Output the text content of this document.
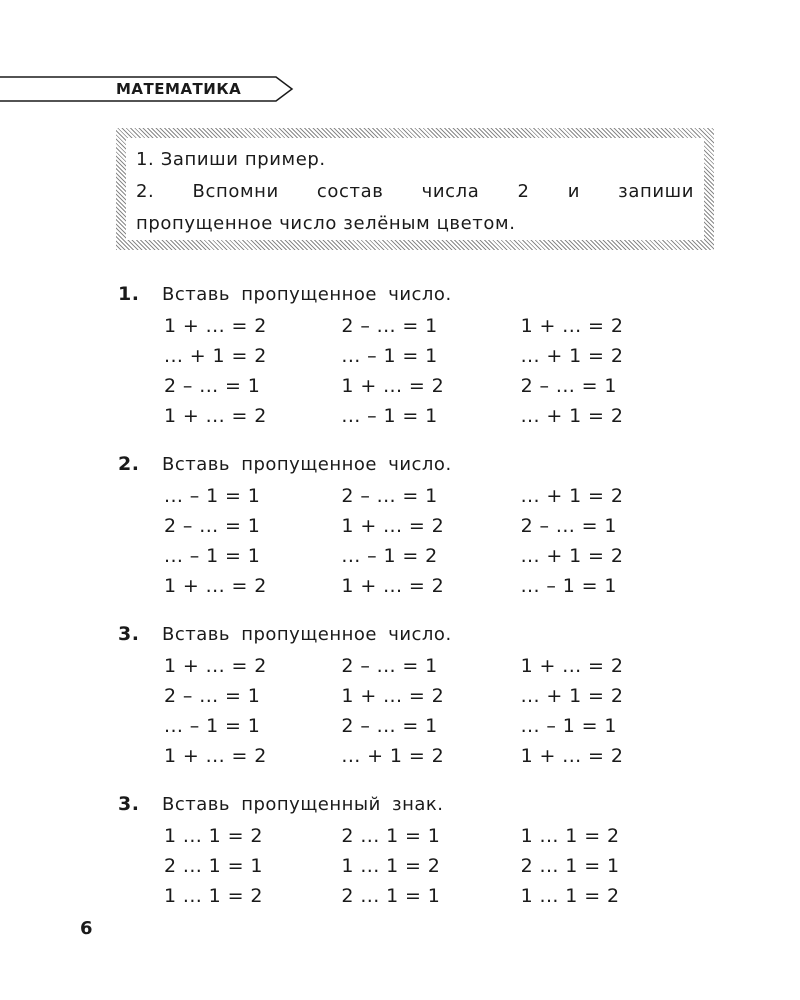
МАТЕМАТИКА
1. Запиши пример.
2. Вспомни состав числа 2 и запиши
пропущенное число зелёным цветом.
1.	Вставь пропущенное число.
1 + ... = 2	2 – ... = 1	1 + ... = 2
... + 1 = 2	... – 1 = 1	... + 1 = 2
2 – ... = 1	1 + ... = 2	2 – ... = 1
1 + ... = 2	... – 1 = 1	... + 1 = 2
2.	Вставь пропущенное число.
... – 1 = 1	2 – ... = 1	... + 1 = 2
2 – ... = 1	1 + ... = 2	2 – ... = 1
... – 1 = 1	... – 1 = 2	... + 1 = 2
1 + ... = 2	1 + ... = 2	... – 1 = 1
3.	Вставь пропущенное число.
1 + ... = 2	2 – ... = 1	1 + ... = 2
2 – ... = 1	1 + ... = 2	... + 1 = 2
... – 1 = 1	2 – ... = 1	... – 1 = 1
1 + ... = 2	... + 1 = 2	1 + ... = 2
3.	Вставь пропущенный знак.
1 ... 1 = 2	2 ... 1 = 1	1 ... 1 = 2
2 ... 1 = 1	1 ... 1 = 2	2 ... 1 = 1
1 ... 1 = 2	2 ... 1 = 1	1 ... 1 = 2
6
